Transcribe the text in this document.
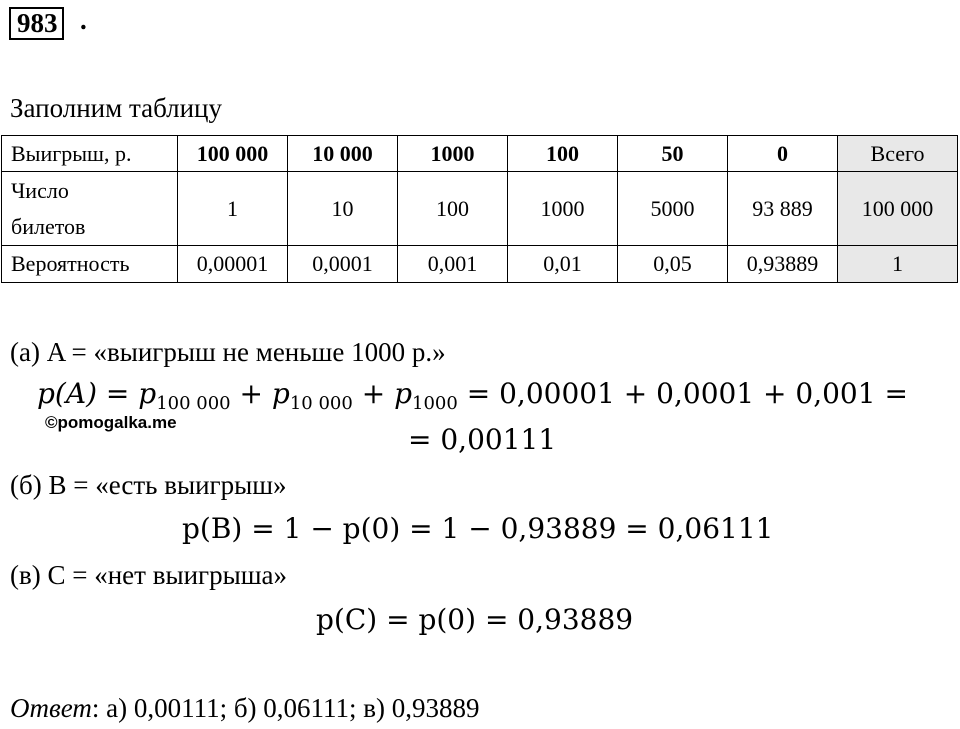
983 .
Заполним таблицу
Выигрыш, р.	100 000	10 000	1000	100	50	0	Всего
Число
билетов	1	10	100	1000	5000	93 889	100 000
Вероятность	0,00001	0,0001	0,001	0,01	0,05	0,93889	1
(а) A = «выигрыш не меньше 1000 р.»
$p(A) = p_{100 000} + p_{10 000} + p_{1000} = 0,00001 + 0,0001 + 0,001$ =
©pomogalka.me
= 0,00111
(б) B = «есть выигрыш»
p(B) = 1 − p(0) = 1 − 0,93889 = 0,06111
(в) C = «нет выигрыша»
p(C) = p(0) = 0,93889
Ответ: а) 0,00111; б) 0,06111; в) 0,93889
